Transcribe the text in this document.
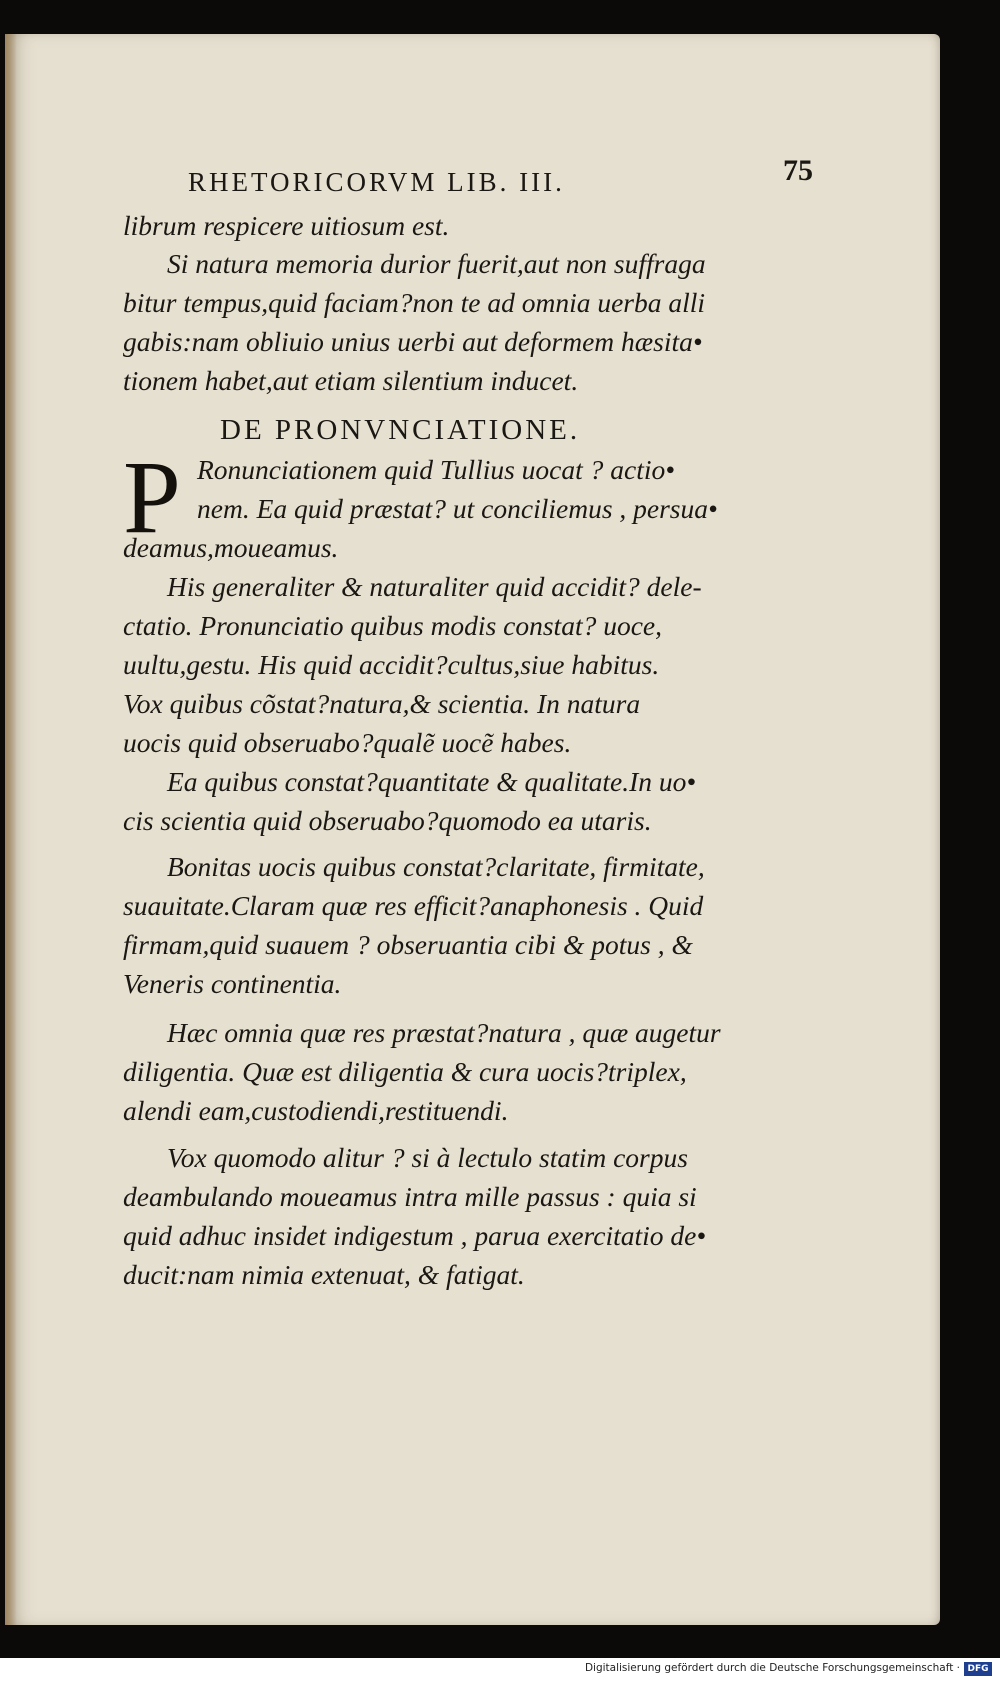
RHETORICORVM LIB. III.	75
librum respicere uitiosum est.
Si natura memoria durior fuerit,aut non suffraga
bitur tempus,quid faciam?non te ad omnia uerba alli
gabis:nam obliuio unius uerbi aut deformem hæsita•
tionem habet,aut etiam silentium inducet.
DE PRONVNCIATIONE.
P Ronunciationem quid Tullius uocat ? actio•
nem. Ea quid præstat? ut conciliemus , persua•
deamus,moueamus.
His generaliter & naturaliter quid accidit? dele-
ctatio. Pronunciatio quibus modis constat? uoce,
uultu,gestu. His quid accidit?cultus,siue habitus.
Vox quibus cõstat?natura,& scientia. In natura
uocis quid obseruabo?qualẽ uocẽ habes.
Ea quibus constat?quantitate & qualitate.In uo•
cis scientia quid obseruabo?quomodo ea utaris.
Bonitas uocis quibus constat?claritate, firmitate,
suauitate.Claram quæ res efficit?anaphonesis . Quid
firmam,quid suauem ? obseruantia cibi & potus , &
Veneris continentia.
Hæc omnia quæ res præstat?natura , quæ augetur
diligentia. Quæ est diligentia & cura uocis?triplex,
alendi eam,custodiendi,restituendi.
Vox quomodo alitur ? si à lectulo statim corpus
deambulando moueamus intra mille passus : quia si
quid adhuc insidet indigestum , parua exercitatio de•
ducit:nam nimia extenuat, & fatigat.
Digitalisierung gefördert durch die Deutsche Forschungsgemeinschaft · DFG
